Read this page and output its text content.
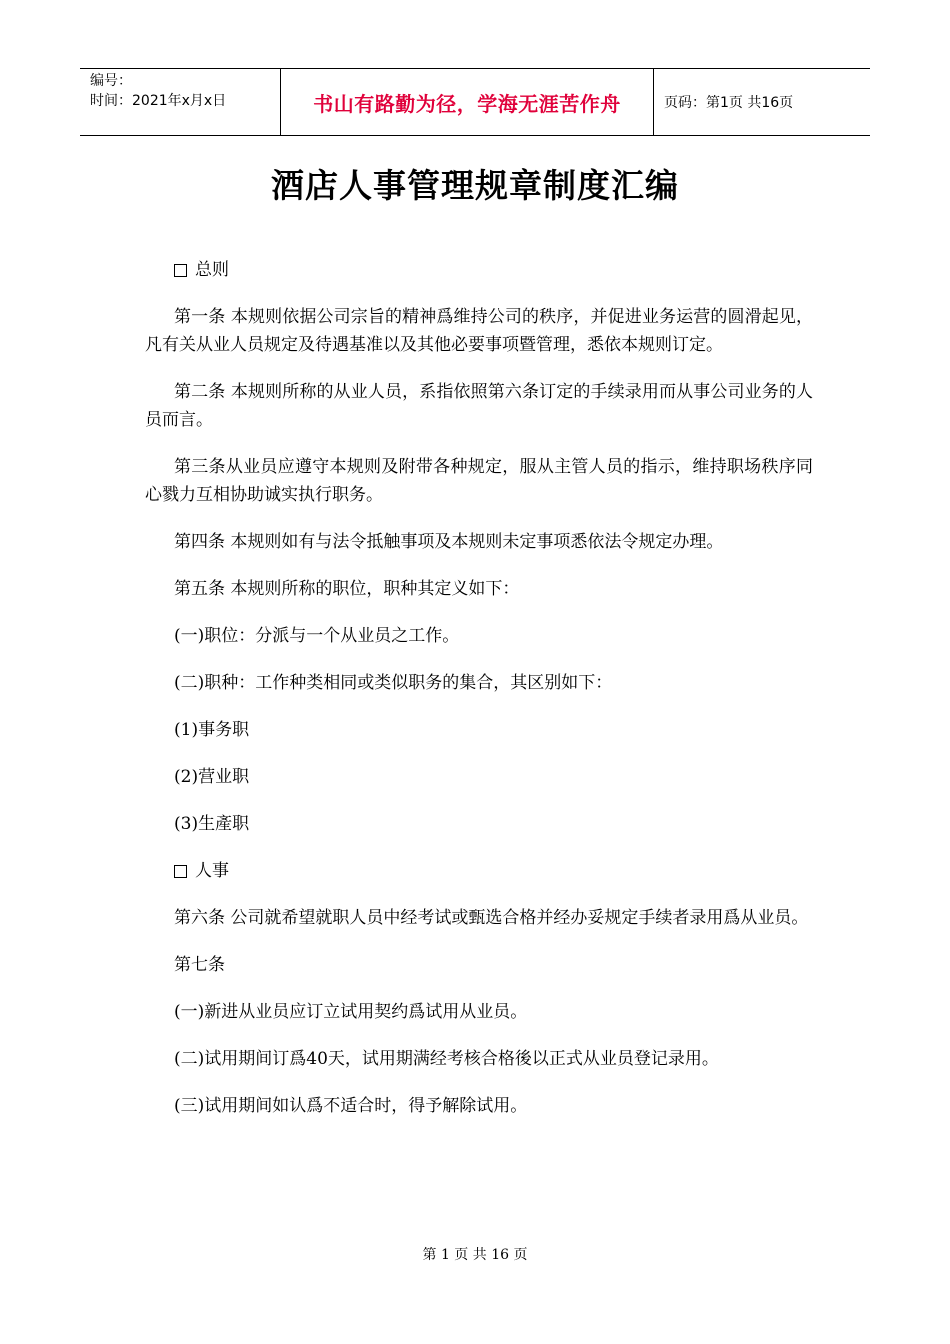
编号：
时间：2021年x月x日	书山有路勤为径，学海无涯苦作舟	页码：第1页 共16页
酒店人事管理规章制度汇编
总则

第一条 本规则依据公司宗旨的精神爲维持公司的秩序，并促进业务运营的圆滑起见，凡有关从业人员规定及待遇基准以及其他必要事项暨管理，悉依本规则订定。

第二条 本规则所称的从业人员，系指依照第六条订定的手续录用而从事公司业务的人员而言。

第三条从业员应遵守本规则及附带各种规定，服从主管人员的指示，维持职场秩序同心戮力互相协助诚实执行职务。

第四条 本规则如有与法令抵触事项及本规则未定事项悉依法令规定办理。

第五条 本规则所称的职位，职种其定义如下：

(一)职位：分派与一个从业员之工作。

(二)职种：工作种类相同或类似职务的集合，其区别如下：

(1)事务职

(2)营业职

(3)生產职

人事

第六条 公司就希望就职人员中经考试或甄选合格并经办妥规定手续者录用爲从业员。

第七条

(一)新进从业员应订立试用契约爲试用从业员。

(二)试用期间订爲40天，试用期满经考核合格後以正式从业员登记录用。

(三)试用期间如认爲不适合时，得予解除试用。

第 1 页 共 16 页
